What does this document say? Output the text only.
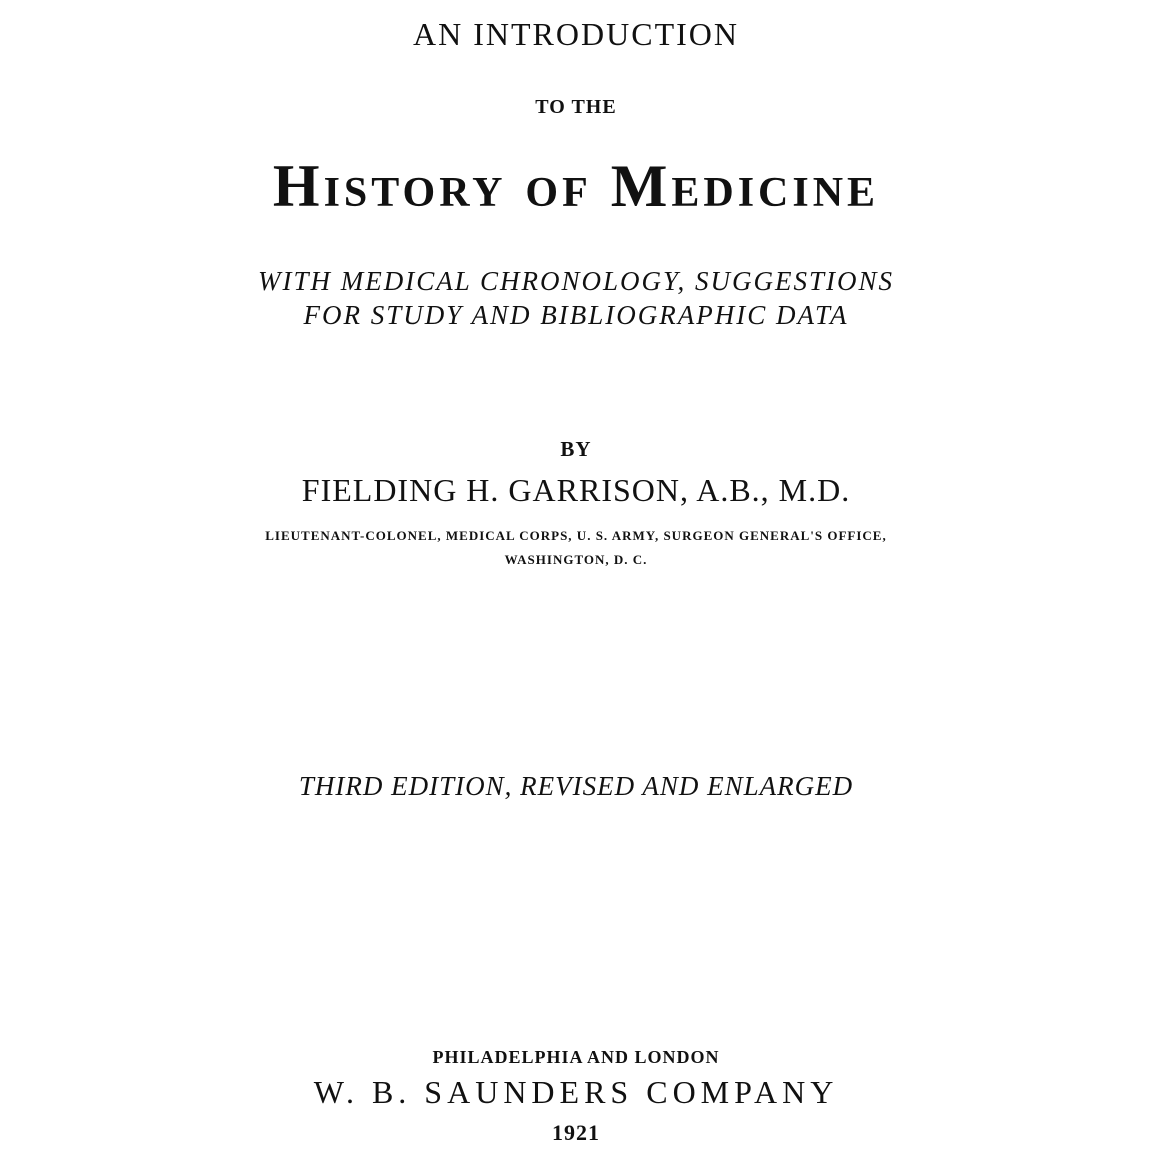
AN INTRODUCTION
TO THE
History of Medicine
WITH MEDICAL CHRONOLOGY, SUGGESTIONS
FOR STUDY AND BIBLIOGRAPHIC DATA
BY
FIELDING H. GARRISON, A.B., M.D.
LIEUTENANT-COLONEL, MEDICAL CORPS, U. S. ARMY, SURGEON GENERAL'S OFFICE,
WASHINGTON, D. C.
THIRD EDITION, REVISED AND ENLARGED
PHILADELPHIA AND LONDON
W. B. SAUNDERS COMPANY
1921
